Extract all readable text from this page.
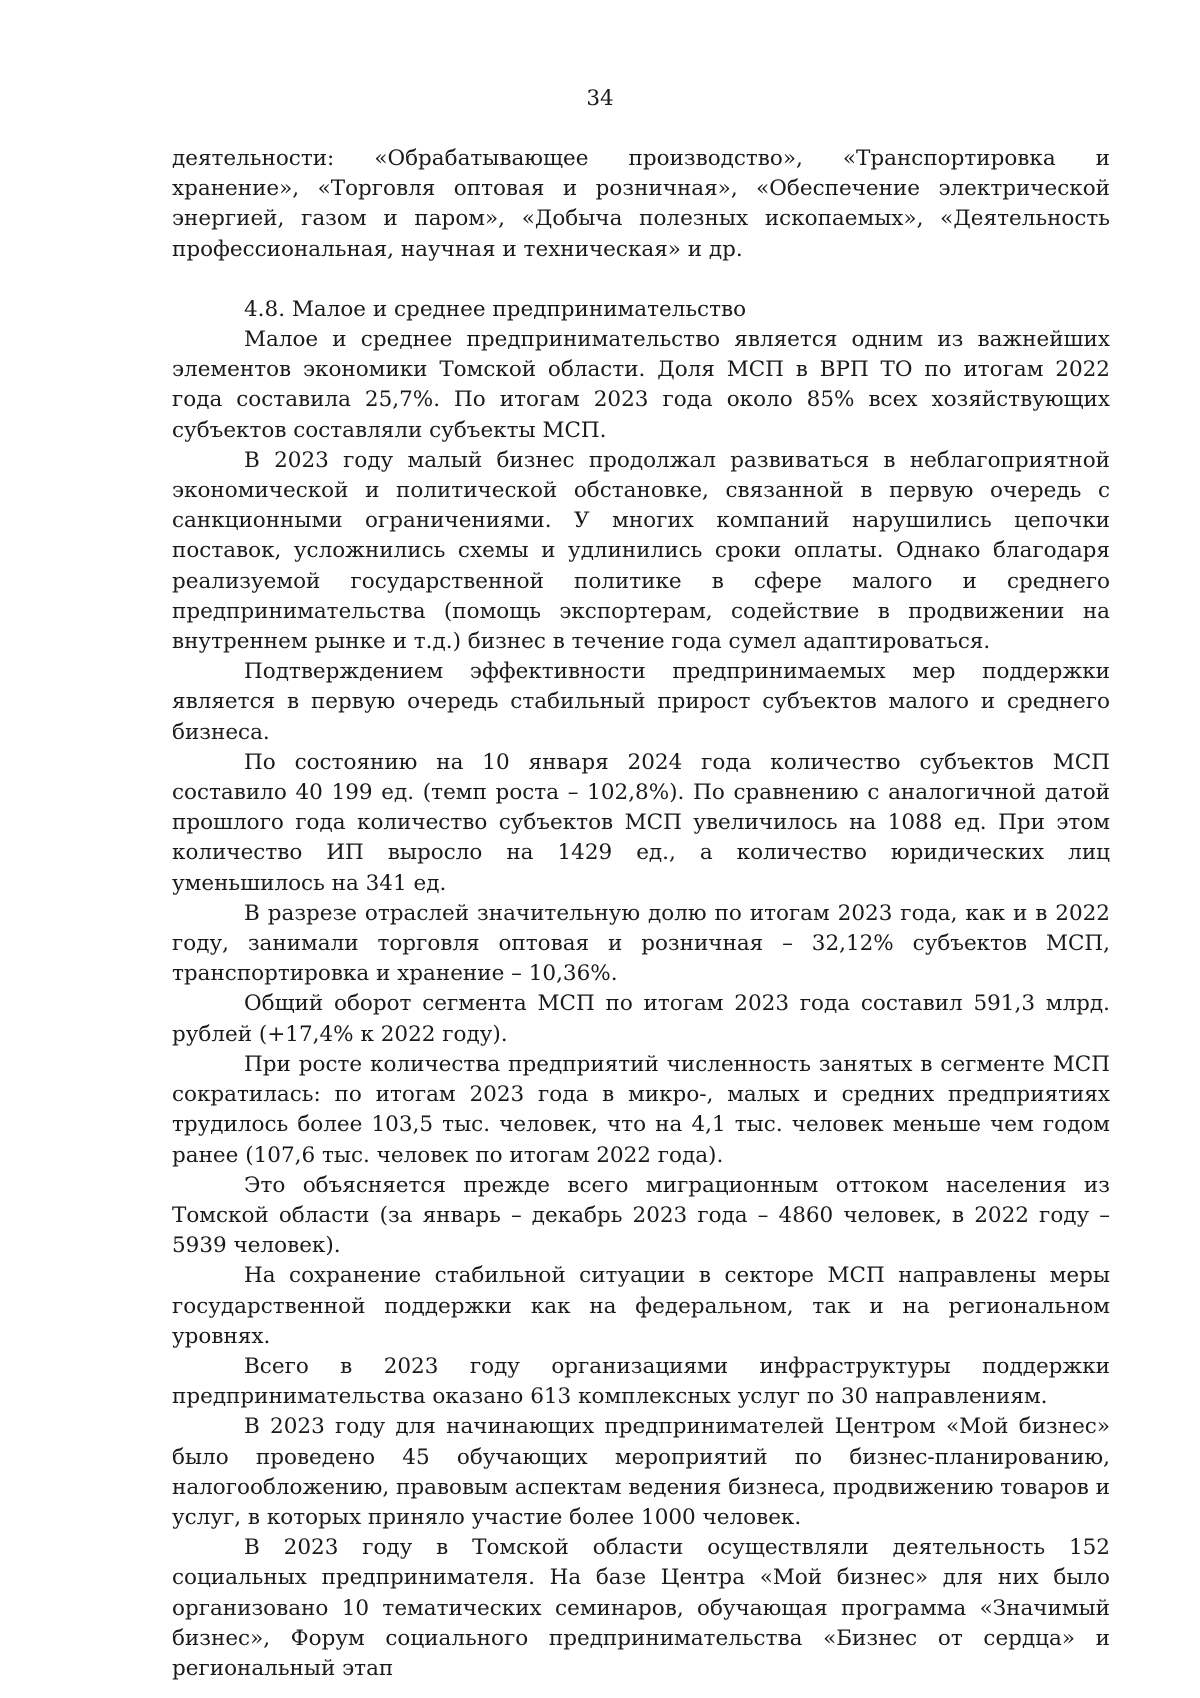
34

деятельности: «Обрабатывающее производство», «Транспортировка и хранение», «Торговля оптовая и розничная», «Обеспечение электрической энергией, газом и паром», «Добыча полезных ископаемых», «Деятельность профессиональная, научная и техническая» и др.

4.8. Малое и среднее предпринимательство

Малое и среднее предпринимательство является одним из важнейших элементов экономики Томской области. Доля МСП в ВРП ТО по итогам 2022 года составила 25,7%. По итогам 2023 года около 85% всех хозяйствующих субъектов составляли субъекты МСП.

В 2023 году малый бизнес продолжал развиваться в неблагоприятной экономической и политической обстановке, связанной в первую очередь с санкционными ограничениями. У многих компаний нарушились цепочки поставок, усложнились схемы и удлинились сроки оплаты. Однако благодаря реализуемой государственной политике в сфере малого и среднего предпринимательства (помощь экспортерам, содействие в продвижении на внутреннем рынке и т.д.) бизнес в течение года сумел адаптироваться.

Подтверждением эффективности предпринимаемых мер поддержки является в первую очередь стабильный прирост субъектов малого и среднего бизнеса.

По состоянию на 10 января 2024 года количество субъектов МСП составило 40 199 ед. (темп роста – 102,8%). По сравнению с аналогичной датой прошлого года количество субъектов МСП увеличилось на 1088 ед. При этом количество ИП выросло на 1429 ед., а количество юридических лиц уменьшилось на 341 ед.

В разрезе отраслей значительную долю по итогам 2023 года, как и в 2022 году, занимали торговля оптовая и розничная – 32,12% субъектов МСП, транспортировка и хранение – 10,36%.

Общий оборот сегмента МСП по итогам 2023 года составил 591,3 млрд. рублей (+17,4% к 2022 году).

При росте количества предприятий численность занятых в сегменте МСП сократилась: по итогам 2023 года в микро-, малых и средних предприятиях трудилось более 103,5 тыс. человек, что на 4,1 тыс. человек меньше чем годом ранее (107,6 тыс. человек по итогам 2022 года).

Это объясняется прежде всего миграционным оттоком населения из Томской области (за январь – декабрь 2023 года – 4860 человек, в 2022 году – 5939 человек).

На сохранение стабильной ситуации в секторе МСП направлены меры государственной поддержки как на федеральном, так и на региональном уровнях.

Всего в 2023 году организациями инфраструктуры поддержки предпринимательства оказано 613 комплексных услуг по 30 направлениям.

В 2023 году для начинающих предпринимателей Центром «Мой бизнес» было проведено 45 обучающих мероприятий по бизнес-планированию, налогообложению, правовым аспектам ведения бизнеса, продвижению товаров и услуг, в которых приняло участие более 1000 человек.

В 2023 году в Томской области осуществляли деятельность 152 социальных предпринимателя. На базе Центра «Мой бизнес» для них было организовано 10 тематических семинаров, обучающая программа «Значимый бизнес», Форум социального предпринимательства «Бизнес от сердца» и региональный этап
